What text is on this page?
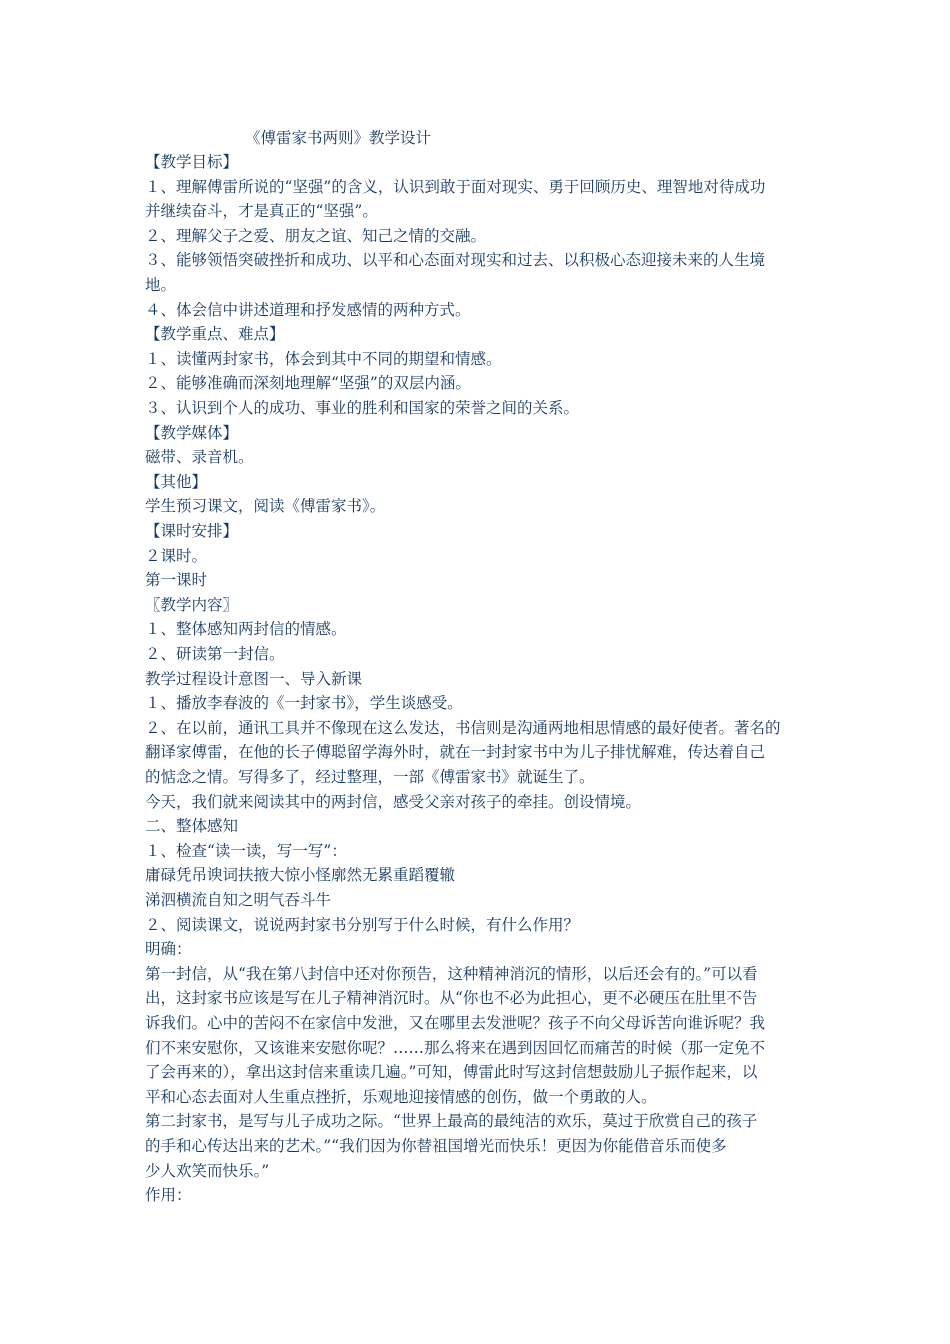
《傅雷家书两则》教学设计
【教学目标】
１、理解傅雷所说的“坚强”的含义，认识到敢于面对现实、勇于回顾历史、理智地对待成功
并继续奋斗，才是真正的“坚强”。
２、理解父子之爱、朋友之谊、知己之情的交融。
３、能够领悟突破挫折和成功、以平和心态面对现实和过去、以积极心态迎接未来的人生境
地。
４、体会信中讲述道理和抒发感情的两种方式。
【教学重点、难点】
１、读懂两封家书，体会到其中不同的期望和情感。
２、能够准确而深刻地理解“坚强”的双层内涵。
３、认识到个人的成功、事业的胜利和国家的荣誉之间的关系。
【教学媒体】
磁带、录音机。
【其他】
学生预习课文，阅读《傅雷家书》。
【课时安排】
２课时。
第一课时
〖教学内容〗
１、整体感知两封信的情感。
２、研读第一封信。
教学过程设计意图一、导入新课
１、播放李春波的《一封家书》，学生谈感受。
２、在以前，通讯工具并不像现在这么发达，书信则是沟通两地相思情感的最好使者。著名的
翻译家傅雷，在他的长子傅聪留学海外时，就在一封封家书中为儿子排忧解难，传达着自己
的惦念之情。写得多了，经过整理，一部《傅雷家书》就诞生了。
今天，我们就来阅读其中的两封信，感受父亲对孩子的牵挂。创设情境。
二、整体感知
１、检查“读一读，写一写”：
庸碌凭吊谀词扶掖大惊小怪廓然无累重蹈覆辙
涕泗横流自知之明气吞斗牛
２、阅读课文，说说两封家书分别写于什么时候，有什么作用？
明确：
第一封信，从“我在第八封信中还对你预告，这种精神消沉的情形，以后还会有的。”可以看
出，这封家书应该是写在儿子精神消沉时。从“你也不必为此担心，更不必硬压在肚里不告
诉我们。心中的苦闷不在家信中发泄，又在哪里去发泄呢？孩子不向父母诉苦向谁诉呢？我
们不来安慰你，又该谁来安慰你呢？……那么将来在遇到因回忆而痛苦的时候（那一定免不
了会再来的），拿出这封信来重读几遍。”可知，傅雷此时写这封信想鼓励儿子振作起来，以
平和心态去面对人生重点挫折，乐观地迎接情感的创伤，做一个勇敢的人。
第二封家书，是写与儿子成功之际。“世界上最高的最纯洁的欢乐，莫过于欣赏自己的孩子
的手和心传达出来的艺术。”“我们因为你替祖国增光而快乐！更因为你能借音乐而使多
少人欢笑而快乐。”
作用：
